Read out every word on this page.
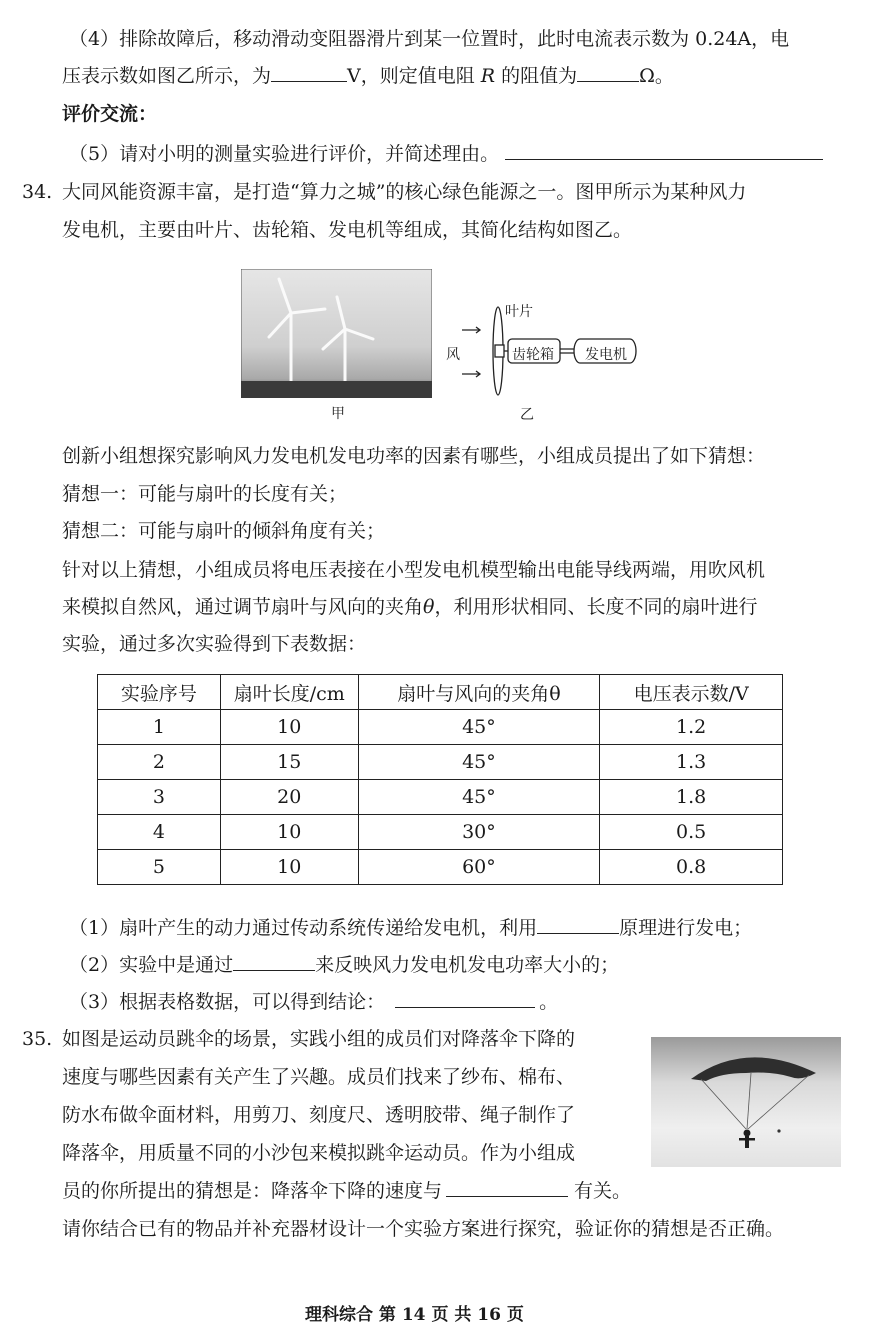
（4）排除故障后，移动滑动变阻器滑片到某一位置时，此时电流表示数为 0.24A，电
压表示数如图乙所示，为	V，则定值电阻 R 的阻值为	Ω。
评价交流：
（5）请对小明的测量实验进行评价，并简述理由。
34. 大同风能资源丰富，是打造“算力之城”的核心绿色能源之一。图甲所示为某种风力
发电机，主要由叶片、齿轮箱、发电机等组成，其简化结构如图乙。
甲
叶片
风	齿轮箱 发电机
乙
创新小组想探究影响风力发电机发电功率的因素有哪些，小组成员提出了如下猜想：
猜想一：可能与扇叶的长度有关；
猜想二：可能与扇叶的倾斜角度有关；
针对以上猜想，小组成员将电压表接在小型发电机模型输出电能导线两端，用吹风机
来模拟自然风，通过调节扇叶与风向的夹角θ，利用形状相同、长度不同的扇叶进行
实验，通过多次实验得到下表数据：
实验序号	扇叶长度/cm	扇叶与风向的夹角θ	电压表示数/V
1	10	45°	1.2
2	15	45°	1.3
3	20	45°	1.8
4	10	30°	0.5
5	10	60°	0.8
（1）扇叶产生的动力通过传动系统传递给发电机，利用	原理进行发电；
（2）实验中是通过	来反映风力发电机发电功率大小的；
（3）根据表格数据，可以得到结论：	。
35. 如图是运动员跳伞的场景，实践小组的成员们对降落伞下降的
速度与哪些因素有关产生了兴趣。成员们找来了纱布、棉布、
防水布做伞面材料，用剪刀、刻度尺、透明胶带、绳子制作了
降落伞，用质量不同的小沙包来模拟跳伞运动员。作为小组成
员的你所提出的猜想是：降落伞下降的速度与	有关。
请你结合已有的物品并补充器材设计一个实验方案进行探究，验证你的猜想是否正确。
理科综合 第 14 页 共 16 页
